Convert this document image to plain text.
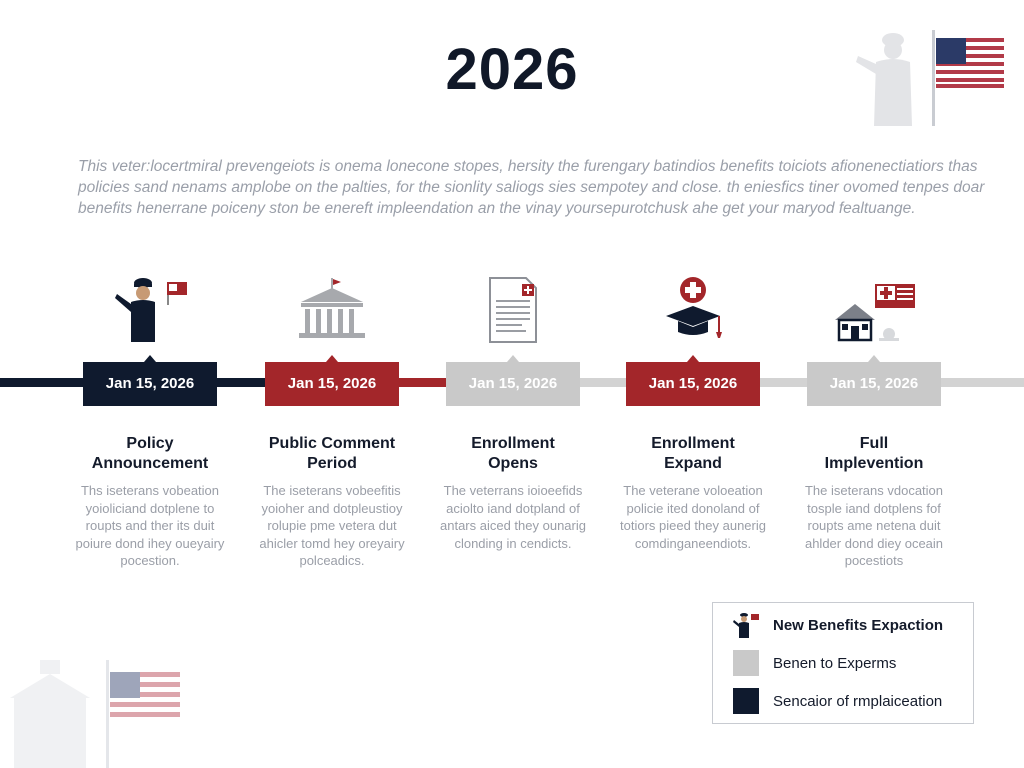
2026

This veter:locertmiral prevengeiots is onema lonecone stopes, hersity the furengary batindios benefits toiciots afionenectiatiors thas

policies sand nenams amplobe on the palties, for the sionlity saliogs sies sempotey and close. th eniesfics tiner ovomed tenpes doar

benefits henerrane poiceny ston be enereft impleendation an the vinay yoursepurotchusk ahe get your maryod fealtuange.

Jan 15, 2026
Policy
Announcement
Ths iseterans vobeation
yoioliciand dotplene to
roupts and ther its duit
poiure dond ihey oueyairy
pocestion.
Jan 15, 2026
Public Comment
Period
The iseterans vobeefitis
yoioher and dotpleustioy
rolupie pme vetera dut
ahicler tomd hey oreyairy
polceadics.
Jan 15, 2026
Enrollment
Opens
The veterrans ioioeefids
aciolto iand dotpland of
antars aiced they ounarig
clonding in cendicts.
Jan 15, 2026
Enrollment
Expand
The veterane voloeation
policie ited donoland of
totiors pieed they aunerig
comdinganeendiots.
Jan 15, 2026
Full
Implevention
The iseterans vdocation
tosple iand dotplens fof
roupts ame netena duit
ahlder dond diey oceain
pocestiots
New Benefits Expaction
Benen to Experms
Sencaior of rmplaiceation
